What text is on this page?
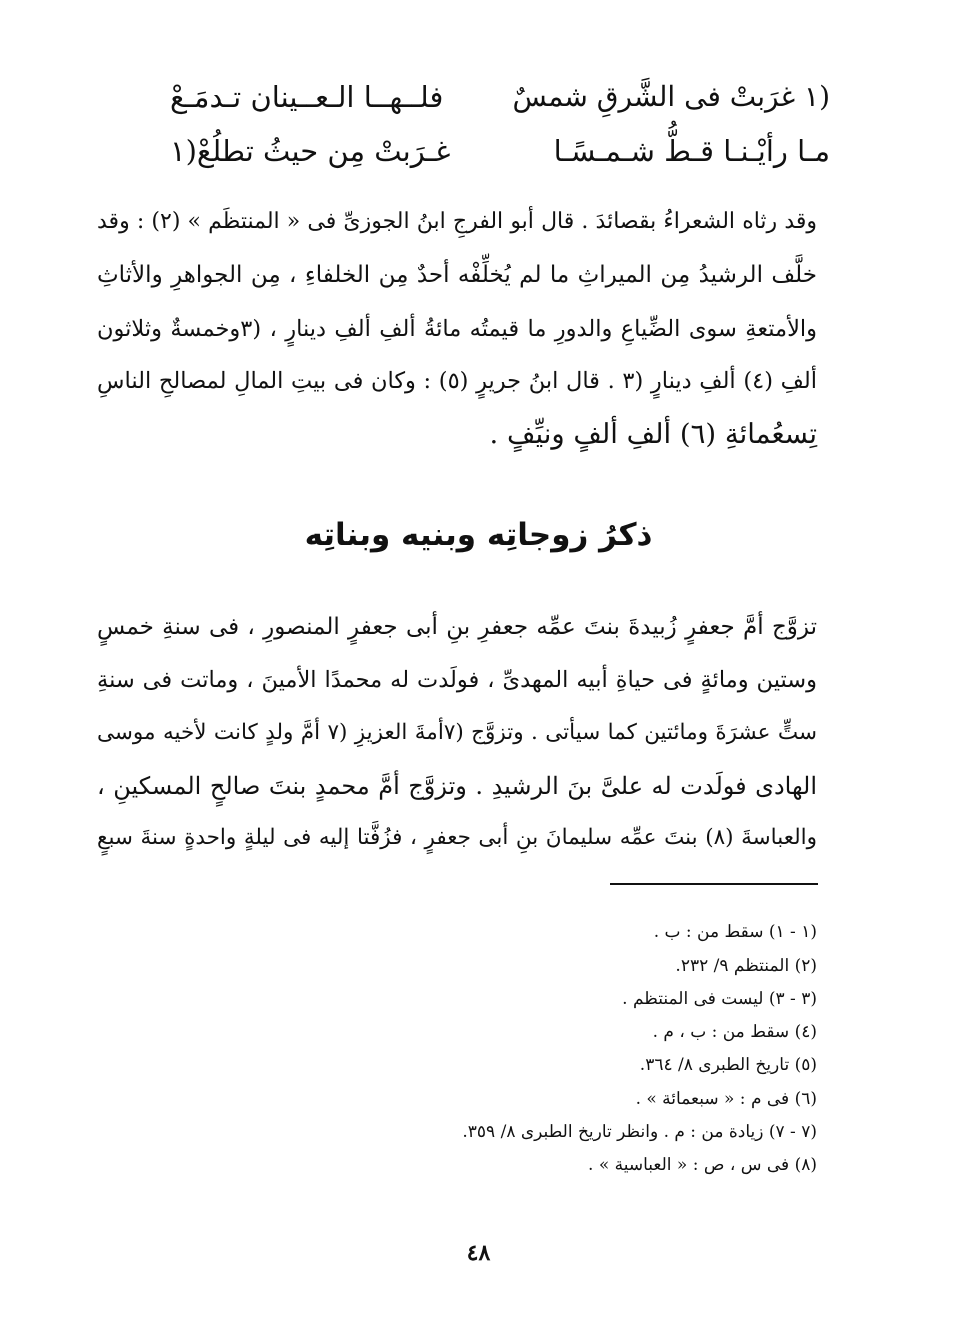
(١ غرَبتْ فى الشَّرقِ شمسٌ
فلــهــا الـعــينان تـدمَـعْ
مـا رأيْـنـا قـطُّ شـمـسًـا
غـرَبتْ مِن حيثُ تطلُعْ(١
وقد رثاه الشعراءُ بقصائدَ . قال أبو الفرجِ ابنُ الجوزىِّ فى « المنتظَم » (٢) : وقد
خلَّف الرشيدُ مِن الميراثِ ما لم يُخلِّفْه أحدٌ مِن الخلفاءِ ، مِن الجواهرِ والأثاثِ
والأمتعةِ سوى الضِّياعِ والدورِ ما قيمتُه مائةُ ألفِ ألفِ دينارٍ ، (٣وخمسةٌ وثلاثون
ألفِ (٤) ألفِ دينارٍ (٣ . قال ابنُ جريرٍ (٥) : وكان فى بيتِ المالِ لمصالحِ الناسِ
تِسعُمائةِ (٦) ألفِ ألفٍ ونيِّفٍ .
ذكرُ زوجاتِه وبنيه وبناتِه
تزوَّج أمَّ جعفرٍ زُبيدةَ بنتَ عمِّه جعفرِ بنِ أبى جعفرٍ المنصورِ ، فى سنةِ خمسٍ
وستين ومائةٍ فى حياةِ أبيه المهدىِّ ، فولَدت له محمدًا الأمينَ ، وماتت فى سنةِ
ستٍّ عشرَةَ ومائتين كما سيأتى . وتزوَّج (٧أمةَ العزيزِ (٧ أمَّ ولدٍ كانت لأخيه موسى
الهادى فولَدت له علىَّ بنَ الرشيدِ . وتزوَّج أمَّ محمدٍ بنتَ صالحٍ المسكينِ ،
والعباسةَ (٨) بنتَ عمِّه سليمانَ بنِ أبى جعفرٍ ، فزُفَّتا إليه فى ليلةٍ واحدةٍ سنةَ سبعٍ
(١ - ١) سقط من : ب .
(٢) المنتظم ٩/ ٢٣٢.
(٣ - ٣) ليست فى المنتظم .
(٤) سقط من : ب ، م .
(٥) تاريخ الطبرى ٨/ ٣٦٤.
(٦) فى م : « سبعمائة » .
(٧ - ٧) زيادة من : م . وانظر تاريخ الطبرى ٨/ ٣٥٩.
(٨) فى س ، ص : « العباسية » .
٤٨
